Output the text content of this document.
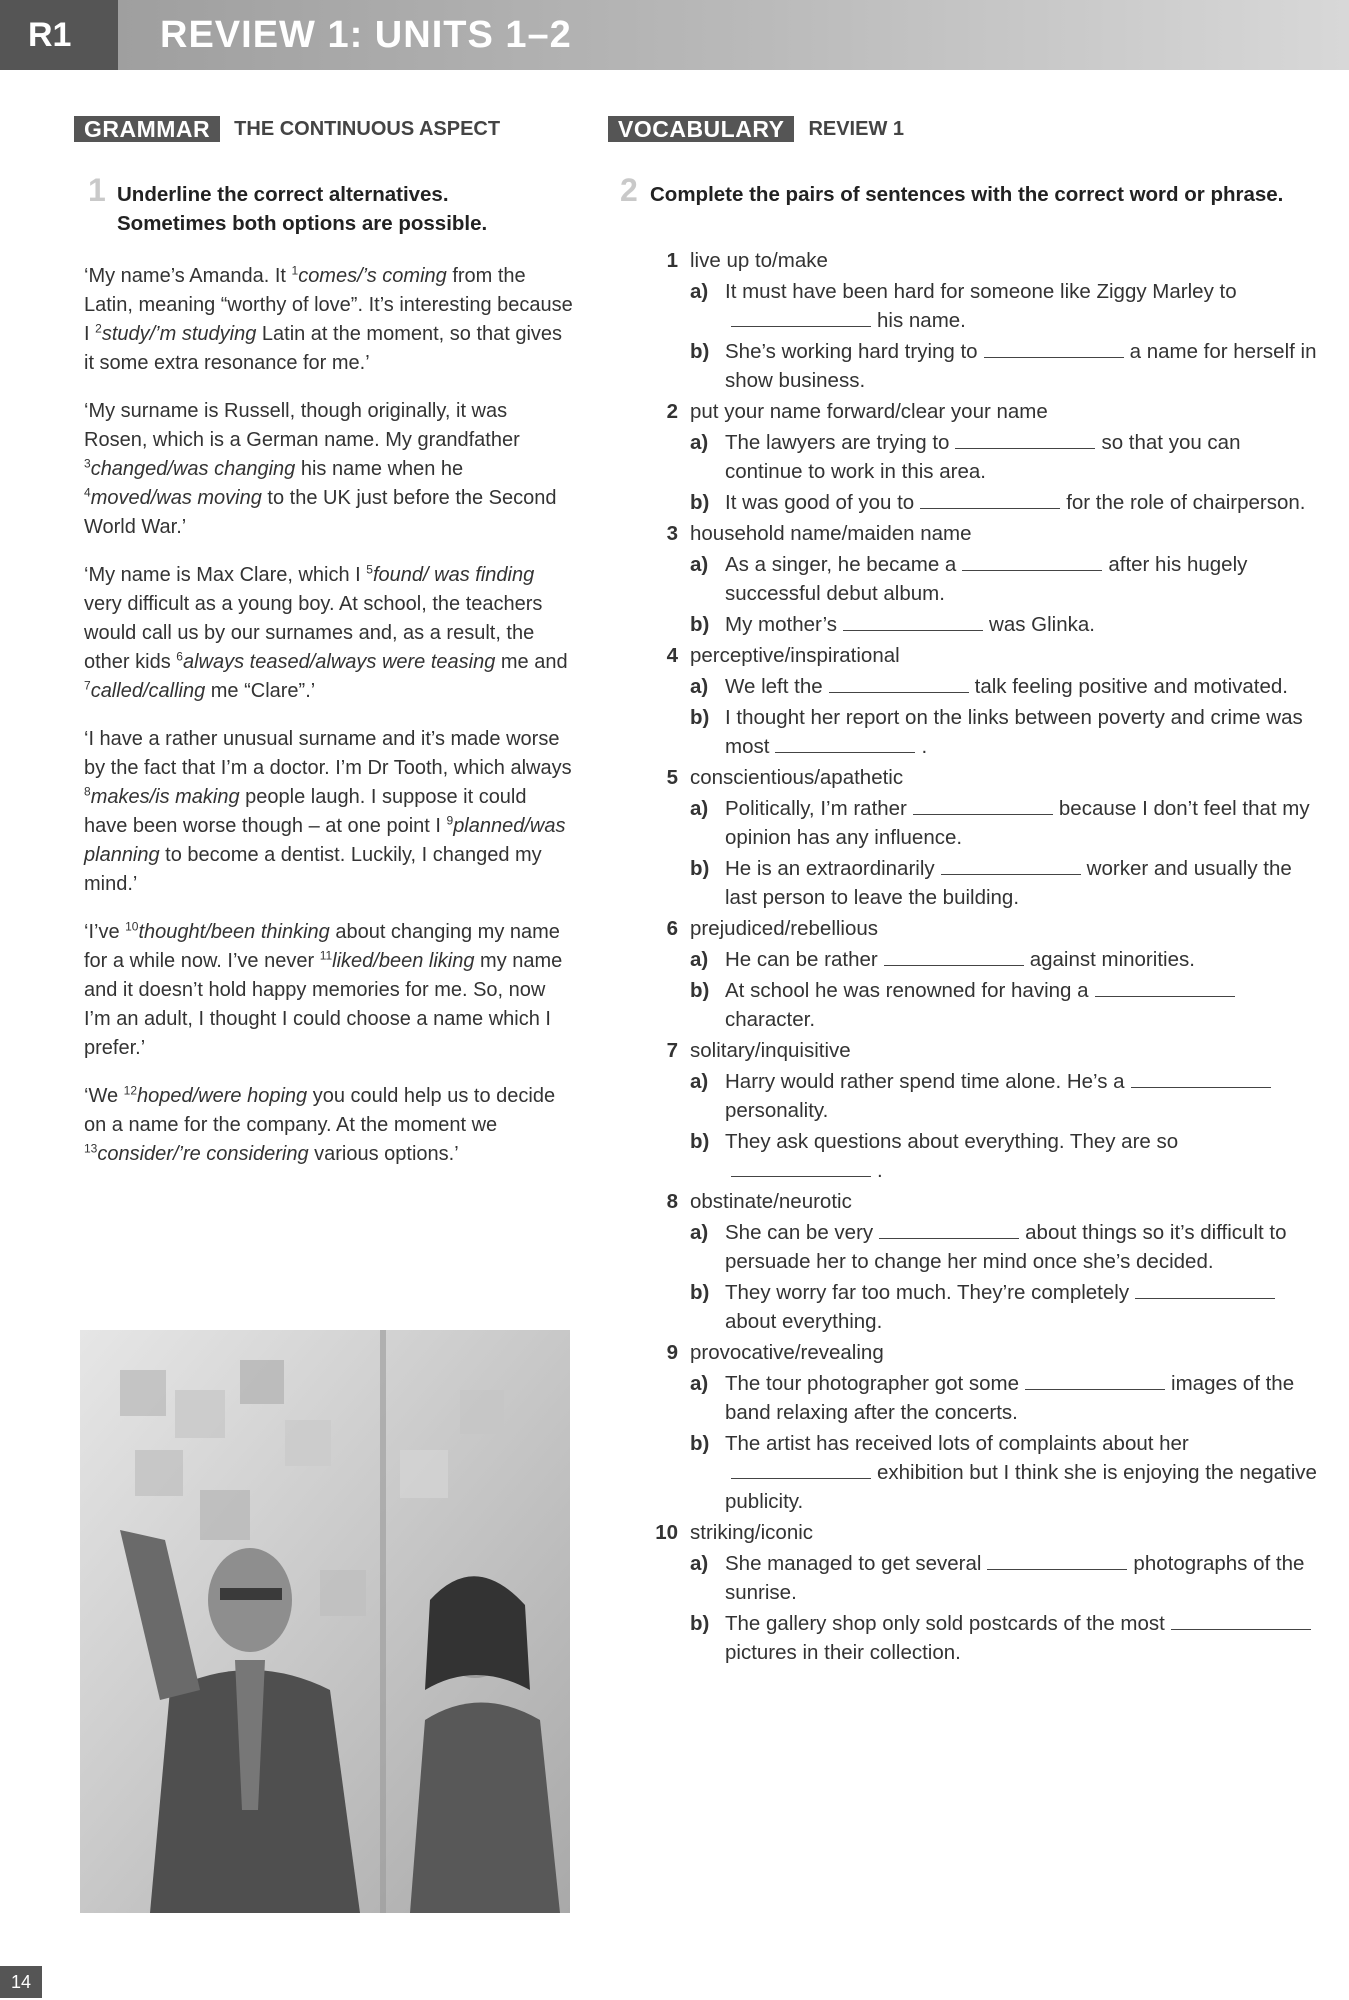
R1	REVIEW 1: UNITS 1–2
GRAMMAR	THE CONTINUOUS ASPECT
1 Underline the correct alternatives.
Sometimes both options are possible.

‘My name’s Amanda. It $^1$comes/’s coming from the Latin, meaning “worthy of love”. It’s interesting because I $^2$study/’m studying Latin at the moment, so that gives it some extra resonance for me.’

‘My surname is Russell, though originally, it was Rosen, which is a German name. My grandfather $^3$changed/was changing his name when he $^4$moved/was moving to the UK just before the Second World War.’

‘My name is Max Clare, which I $^5$found/ was finding very difficult as a young boy. At school, the teachers would call us by our surnames and, as a result, the other kids $^6$always teased/always were teasing me and $^7$called/calling me “Clare”.’

‘I have a rather unusual surname and it’s made worse by the fact that I’m a doctor. I’m Dr Tooth, which always $^8$makes/is making people laugh. I suppose it could have been worse though – at one point I $^9$planned/was planning to become a dentist. Luckily, I changed my mind.’

‘I’ve $^{10}$thought/been thinking about changing my name for a while now. I’ve never $^{11}$liked/been liking my name and it doesn’t hold happy memories for me. So, now I’m an adult, I thought I could choose a name which I prefer.’

‘We $^{12}$hoped/were hoping you could help us to decide on a name for the company. At the moment we $^{13}$consider/’re considering various options.’

VOCABULARY	REVIEW 1
2 Complete the pairs of sentences with the correct word or phrase.
1 live up to/make
a) It must have been hard for someone like Ziggy Marley tohis name.
b) She’s working hard trying to	a name for herself in show business.
2 put your name forward/clear your name
a) The lawyers are trying to	so that you can continue to work in this area.
b) It was good of you to	for the role of chairperson.
3 household name/maiden name
a) As a singer, he became a	after his hugely successful debut album.
b) My mother’s	was Glinka.
4 perceptive/inspirational
a) We left the	talk feeling positive and motivated.
b) I thought her report on the links between poverty and crime was most	.
5 conscientious/apathetic
a) Politically, I’m rather	because I don’t feel that my opinion has any influence.
b) He is an extraordinarily	worker and usually the last person to leave the building.
6 prejudiced/rebellious
a) He can be rather	against minorities.
b) At school he was renowned for having acharacter.
7 solitary/inquisitive
a) Harry would rather spend time alone. He’s apersonality.
b) They ask questions about everything. They are so.
8 obstinate/neurotic
a) She can be very	about things so it’s difficult to persuade her to change her mind once she’s decided.
b) They worry far too much. They’re completelyabout everything.
9 provocative/revealing
a) The tour photographer got some	images of the band relaxing after the concerts.
b) The artist has received lots of complaints about herexhibition but I think she is enjoying the negative publicity.
10 striking/iconic
a) She managed to get several	photographs of the sunrise.
b) The gallery shop only sold postcards of the mostpictures in their collection.
14
